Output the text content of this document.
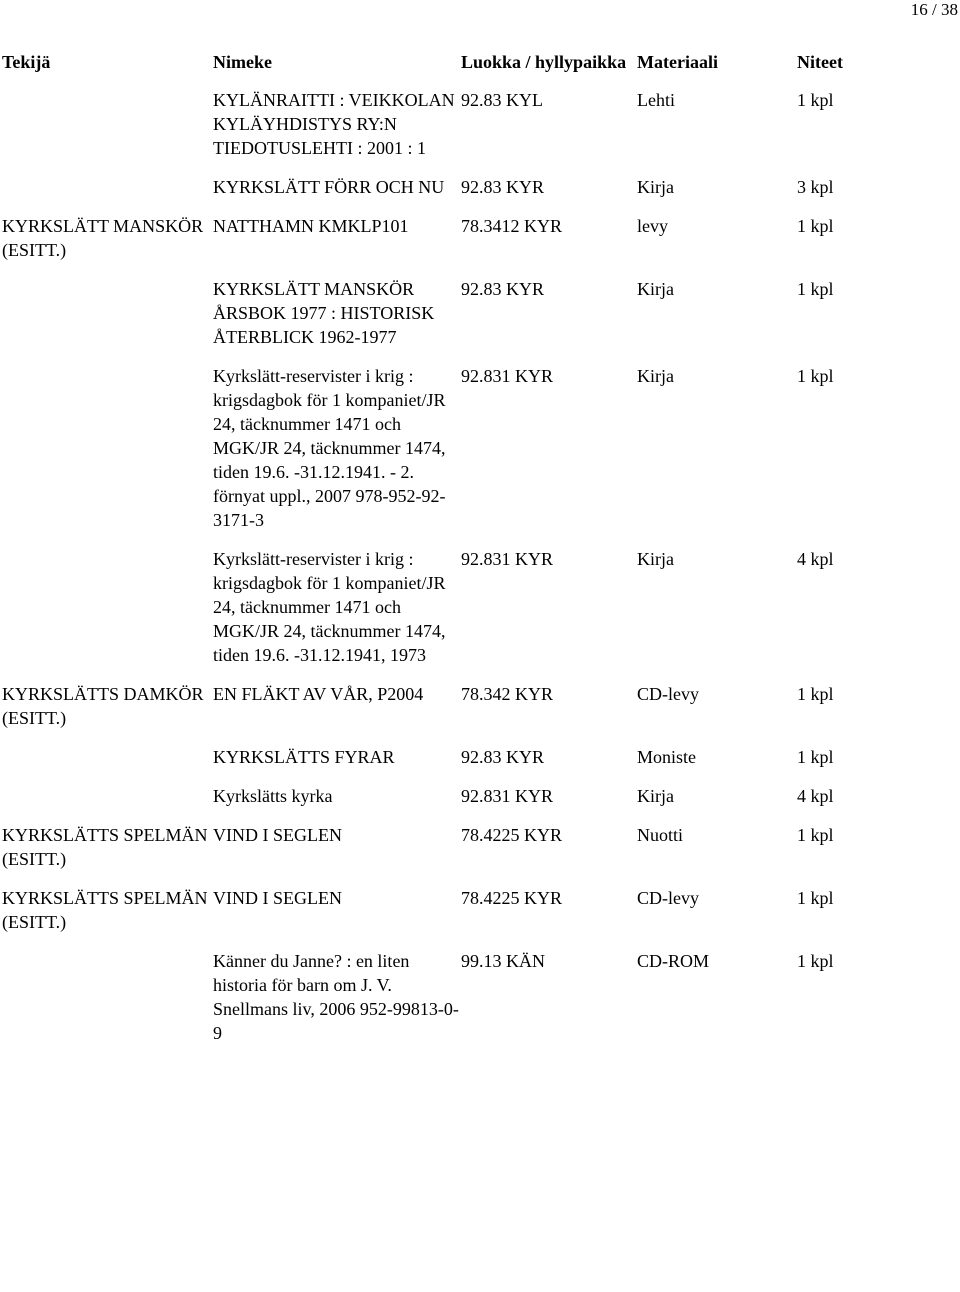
16 / 38
Tekijä	Nimeke	Luokka / hyllypaikka	Materiaali	Niteet
	KYLÄNRAITTI : VEIKKOLAN KYLÄYHDISTYS RY:N TIEDOTUSLEHTI : 2001 : 1	92.83 KYL	Lehti	1 kpl
	KYRKSLÄTT FÖRR OCH NU	92.83 KYR	Kirja	3 kpl
KYRKSLÄTT MANSKÖR (ESITT.)	NATTHAMN KMKLP101	78.3412 KYR	levy	1 kpl
	KYRKSLÄTT MANSKÖR ÅRSBOK 1977 : HISTORISK ÅTERBLICK 1962-1977	92.83 KYR	Kirja	1 kpl
	Kyrkslätt-reservister i krig : krigsdagbok för 1 kompaniet/JR 24, täcknummer 1471 och MGK/JR 24, täcknummer 1474, tiden 19.6. -31.12.1941. - 2. förnyat uppl., 2007 978-952-92-3171-3	92.831 KYR	Kirja	1 kpl
	Kyrkslätt-reservister i krig : krigsdagbok för 1 kompaniet/JR 24, täcknummer 1471 och MGK/JR 24, täcknummer 1474, tiden 19.6. -31.12.1941, 1973	92.831 KYR	Kirja	4 kpl
KYRKSLÄTTS DAMKÖR (ESITT.)	EN FLÄKT AV VÅR, P2004	78.342 KYR	CD-levy	1 kpl
	KYRKSLÄTTS FYRAR	92.83 KYR	Moniste	1 kpl
	Kyrkslätts kyrka	92.831 KYR	Kirja	4 kpl
KYRKSLÄTTS SPELMÄN (ESITT.)	VIND I SEGLEN	78.4225 KYR	Nuotti	1 kpl
KYRKSLÄTTS SPELMÄN (ESITT.)	VIND I SEGLEN	78.4225 KYR	CD-levy	1 kpl
	Känner du Janne? : en liten historia för barn om J. V. Snellmans liv, 2006 952-99813-0-9	99.13 KÄN	CD-ROM	1 kpl
